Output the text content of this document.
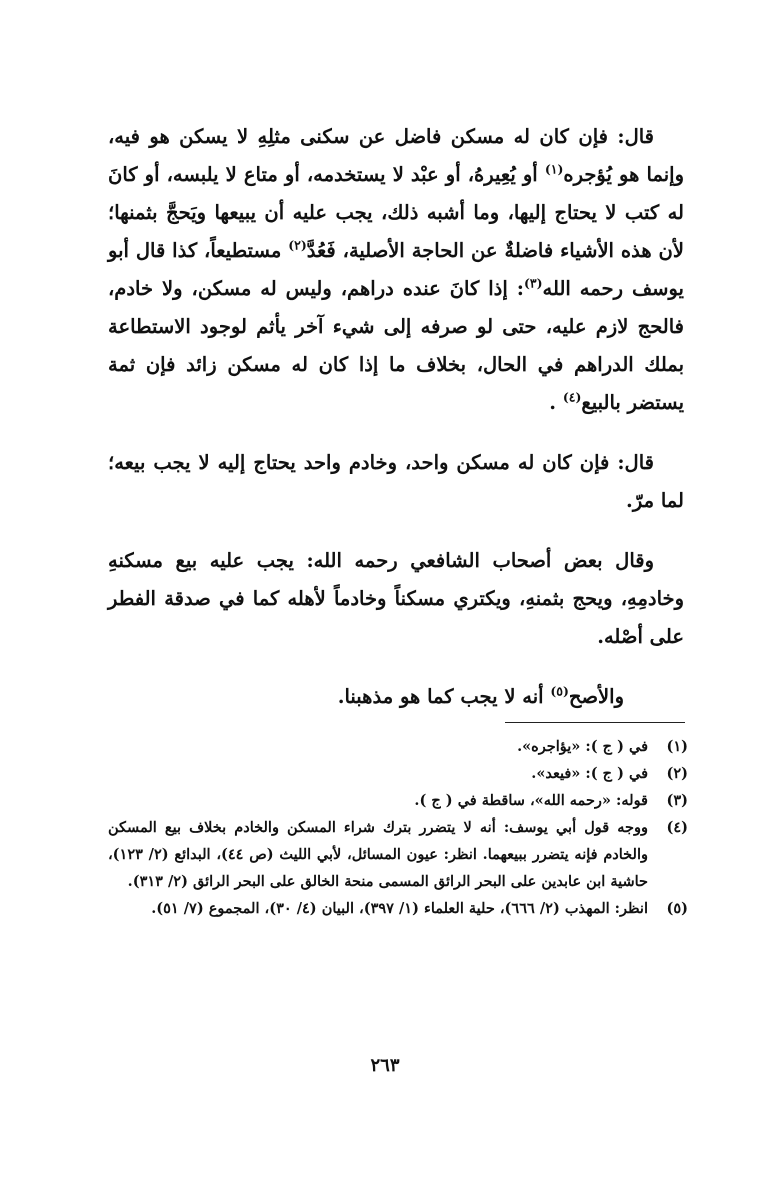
قال: فإن كان له مسكن فاضل عن سكنى مثلِهِ لا يسكن هو فيه، وإنما هو يُؤجره$^{(١)}$ أو يُعِيرهُ، أو عبْد لا يستخدمه، أو متاع لا يلبسه، أو كانَ له كتب لا يحتاج إليها، وما أشبه ذلك، يجب عليه أن يبيعها ويَحجَّ بثمنها؛ لأن هذه الأشياء فاضلةٌ عن الحاجة الأصلية، فَعُدَّ$^{(٢)}$ مستطيعاً، كذا قال أبو يوسف رحمه الله$^{(٣)}$: إذا كانَ عنده دراهم، وليس له مسكن، ولا خادم، فالحج لازم عليه، حتى لو صرفه إلى شيء آخر يأثم لوجود الاستطاعة بملك الدراهم في الحال، بخلاف ما إذا كان له مسكن زائد فإن ثمة يستضر بالبيع$^{(٤)}$ .

قال: فإن كان له مسكن واحد، وخادم واحد يحتاج إليه لا يجب بيعه؛ لما مرّ.

وقال بعض أصحاب الشافعي رحمه الله: يجب عليه بيع مسكنهِ وخادمِهِ، ويحج بثمنهِ، ويكتري مسكناً وخادماً لأهله كما في صدقة الفطر على أصْله.

والأصح$^{(٥)}$ أنه لا يجب كما هو مذهبنا.

(١)
في ( ج ): «يؤاجره».
(٢)
في ( ج ): «فيعد».
(٣)
قوله: «رحمه الله»، ساقطة في ( ج ).
(٤)
ووجه قول أبي يوسف: أنه لا يتضرر بترك شراء المسكن والخادم بخلاف بيع المسكن والخادم فإنه يتضرر ببيعهما. انظر: عيون المسائل، لأبي الليث (ص ٤٤)، البدائع (٢/ ١٢٣)، حاشية ابن عابدين على البحر الرائق المسمى منحة الخالق على البحر الرائق (٢/ ٣١٣).
(٥)
انظر: المهذب (٢/ ٦٦٦)، حلية العلماء (١/ ٣٩٧)، البيان (٤/ ٣٠)، المجموع (٧/ ٥١).
٢٦٣
